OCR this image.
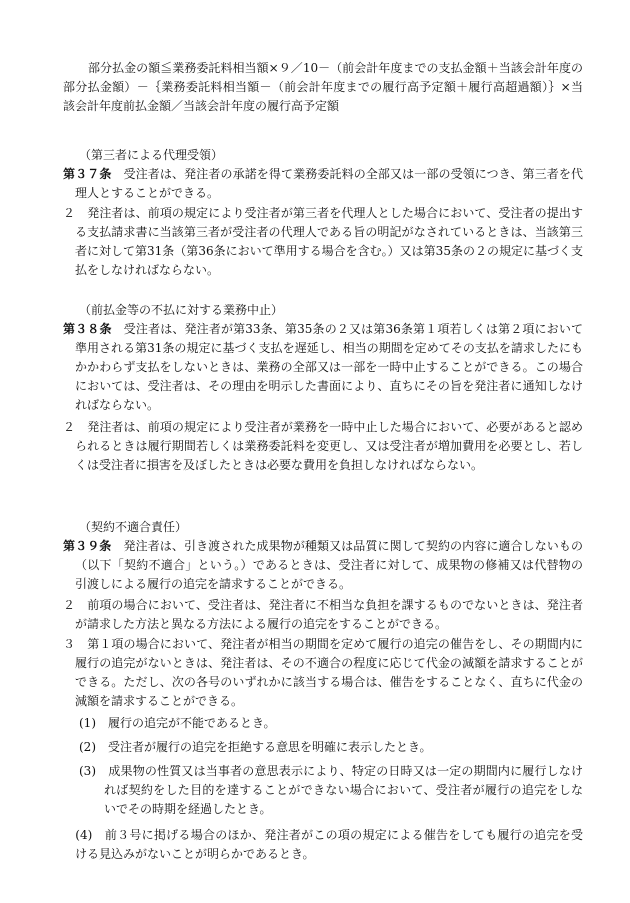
部分払金の額≦業務委託料相当額×９／10－（前会計年度までの支払金額＋当該会計年度の部分払金額）－｛業務委託料相当額－（前会計年度までの履行高予定額＋履行高超過額）｝×当該会計年度前払金額／当該会計年度の履行高予定額

（第三者による代理受領）

第３７条　 受注者は、発注者の承諾を得て業務委託料の全部又は一部の受領につき、第三者を代理人とすることができる。

２　 発注者は、前項の規定により受注者が第三者を代理人とした場合において、受注者の提出する支払請求書に当該第三者が受注者の代理人である旨の明記がなされているときは、当該第三者に対して第31条（第36条において準用する場合を含む。）又は第35条の２の規定に基づく支払をしなければならない。

（前払金等の不払に対する業務中止）

第３８条　 受注者は、発注者が第33条、第35条の２又は第36条第１項若しくは第２項において準用される第31条の規定に基づく支払を遅延し、相当の期間を定めてその支払を請求したにもかかわらず支払をしないときは、業務の全部又は一部を一時中止することができる。この場合においては、受注者は、その理由を明示した書面により、直ちにその旨を発注者に通知しなければならない。

２　 発注者は、前項の規定により受注者が業務を一時中止した場合において、必要があると認められるときは履行期間若しくは業務委託料を変更し、又は受注者が増加費用を必要とし、若しくは受注者に損害を及ぼしたときは必要な費用を負担しなければならない。

（契約不適合責任）

第３９条　 発注者は、引き渡された成果物が種類又は品質に関して契約の内容に適合しないもの（以下「契約不適合」という。）であるときは、受注者に対して、成果物の修補又は代替物の引渡しによる履行の追完を請求することができる。

２　 前項の場合において、受注者は、発注者に不相当な負担を課するものでないときは、発注者が請求した方法と異なる方法による履行の追完をすることができる。

３　 第１項の場合において、発注者が相当の期間を定めて履行の追完の催告をし、その期間内に履行の追完がないときは、発注者は、その不適合の程度に応じて代金の減額を請求することができる。ただし、次の各号のいずれかに該当する場合は、催告をすることなく、直ちに代金の減額を請求することができる。

(1)　 履行の追完が不能であるとき。

(2)　 受注者が履行の追完を拒絶する意思を明確に表示したとき。

(3)　 成果物の性質又は当事者の意思表示により、特定の日時又は一定の期間内に履行しなければ契約をした目的を達することができない場合において、受注者が履行の追完をしないでその時期を経過したとき。

　(4)　 前３号に掲げる場合のほか、発注者がこの項の規定による催告をしても履行の追完を受ける見込みがないことが明らかであるとき。
